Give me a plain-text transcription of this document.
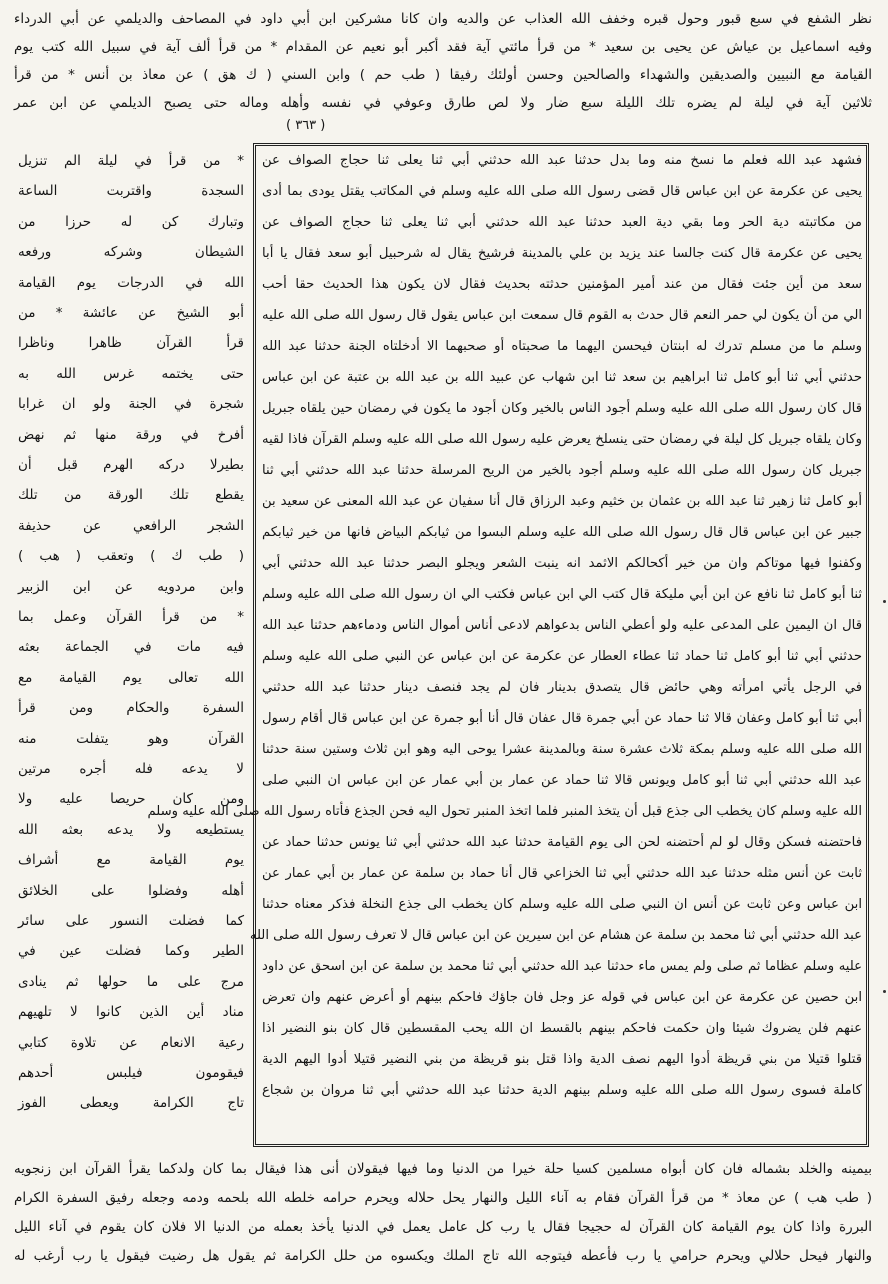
نظر الشفع في سبع قبور وحول قبره وخفف الله العذاب عن والديه وان كانا مشركين ابن أبي داود في المصاحف والديلمي عن أبي الدرداء
وفيه اسماعيل بن عياش عن يحيى بن سعيد * من قرأ مائتي آية فقد أكبر أبو نعيم عن المقدام * من قرأ ألف آية في سبيل الله كتب يوم
القيامة مع النبيين والصديقين والشهداء والصالحين وحسن أولئك رفيقا ( طب حم ) وابن السني ( ك هق ) عن معاذ بن أنس * من قرأ
ثلاثين آية في ليلة لم يضره تلك الليلة سبع ضار ولا لص طارق وعوفي في نفسه وأهله وماله حتى يصبح الديلمي عن ابن عمر
( ٣٦٣ )
فشهد عبد الله فعلم ما نسخ منه وما بدل حدثنا عبد الله حدثني أبي ثنا يعلى ثنا حجاج الصواف عن
يحيى عن عكرمة عن ابن عباس قال قضى رسول الله صلى الله عليه وسلم في المكاتب يقتل يودى بما أدى
من مكاتبته دية الحر وما بقي دية العبد حدثنا عبد الله حدثني أبي ثنا يعلى ثنا حجاج الصواف عن
يحيى عن عكرمة قال كنت جالسا عند يزيد بن علي بالمدينة فرشيخ يقال له شرحبيل أبو سعد فقال يا أبا
سعد من أين جئت فقال من عند أمير المؤمنين حدثته بحديث فقال لان يكون هذا الحديث حقا أحب
الي من أن يكون لي حمر النعم قال حدث به القوم قال سمعت ابن عباس يقول قال رسول الله صلى الله عليه
وسلم ما من مسلم تدرك له ابنتان فيحسن اليهما ما صحبتاه أو صحبهما الا أدخلتاه الجنة حدثنا عبد الله
حدثني أبي ثنا أبو كامل ثنا ابراهيم بن سعد ثنا ابن شهاب عن عبيد الله بن عبد الله بن عتبة عن ابن عباس
قال كان رسول الله صلى الله عليه وسلم أجود الناس بالخير وكان أجود ما يكون في رمضان حين يلقاه جبريل
وكان يلقاه جبريل كل ليلة في رمضان حتى ينسلخ يعرض عليه رسول الله صلى الله عليه وسلم القرآن فاذا لقيه
جبريل كان رسول الله صلى الله عليه وسلم أجود بالخير من الريح المرسلة حدثنا عبد الله حدثني أبي ثنا
أبو كامل ثنا زهير ثنا عبد الله بن عثمان بن خثيم وعبد الرزاق قال أنا سفيان عن عبد الله المعنى عن سعيد بن
جبير عن ابن عباس قال قال رسول الله صلى الله عليه وسلم البسوا من ثيابكم البياض فانها من خير ثيابكم
وكفنوا فيها موتاكم وان من خير أكحالكم الاثمد انه ينبت الشعر ويجلو البصر حدثنا عبد الله حدثني أبي
ثنا أبو كامل ثنا نافع عن ابن أبي مليكة قال كتب الي ابن عباس فكتب الي ان رسول الله صلى الله عليه وسلم
قال ان اليمين على المدعى عليه ولو أعطي الناس بدعواهم لادعى أناس أموال الناس ودماءهم حدثنا عبد الله
حدثني أبي ثنا أبو كامل ثنا حماد ثنا عطاء العطار عن عكرمة عن ابن عباس عن النبي صلى الله عليه وسلم
في الرجل يأتي امرأته وهي حائض قال يتصدق بدينار فان لم يجد فنصف دينار حدثنا عبد الله حدثني
أبي ثنا أبو كامل وعفان قالا ثنا حماد عن أبي جمرة قال عفان قال أنا أبو جمرة عن ابن عباس قال أقام رسول
الله صلى الله عليه وسلم بمكة ثلاث عشرة سنة وبالمدينة عشرا يوحى اليه وهو ابن ثلاث وستين سنة حدثنا
عبد الله حدثني أبي ثنا أبو كامل ويونس قالا ثنا حماد عن عمار بن أبي عمار عن ابن عباس ان النبي صلى
الله عليه وسلم كان يخطب الى جذع قبل أن يتخذ المنبر فلما اتخذ المنبر تحول اليه فحن الجذع فأتاه رسول الله صلى الله عليه وسلم
فاحتضنه فسكن وقال لو لم أحتضنه لحن الى يوم القيامة حدثنا عبد الله حدثني أبي ثنا يونس حدثنا حماد عن
ثابت عن أنس مثله حدثنا عبد الله حدثني أبي ثنا الخزاعي قال أنا حماد بن سلمة عن عمار بن أبي عمار عن
ابن عباس وعن ثابت عن أنس ان النبي صلى الله عليه وسلم كان يخطب الى جذع النخلة فذكر معناه حدثنا
عبد الله حدثني أبي ثنا محمد بن سلمة عن هشام عن ابن سيرين عن ابن عباس قال لا تعرف رسول الله صلى الله
عليه وسلم عظاما ثم صلى ولم يمس ماء حدثنا عبد الله حدثني أبي ثنا محمد بن سلمة عن ابن اسحق عن داود
ابن حصين عن عكرمة عن ابن عباس في قوله عز وجل فان جاؤك فاحكم بينهم أو أعرض عنهم وان تعرض
عنهم فلن يضروك شيئا وان حكمت فاحكم بينهم بالقسط ان الله يحب المقسطين قال كان بنو النضير اذا
قتلوا قتيلا من بني قريظة أدوا اليهم نصف الدية واذا قتل بنو قريظة من بني النضير قتيلا أدوا اليهم الدية
كاملة فسوى رسول الله صلى الله عليه وسلم بينهم الدية حدثنا عبد الله حدثني أبي ثنا مروان بن شجاع
* من قرأ في ليلة الم تنزيل
السجدة واقتربت الساعة
وتبارك كن له حرزا من
الشيطان وشركه ورفعه
الله في الدرجات يوم القيامة
أبو الشيخ عن عائشة * من
قرأ القرآن ظاهرا وناظرا
حتى يختمه غرس الله به
شجرة في الجنة ولو ان غرابا
أفرخ في ورقة منها ثم نهض
بطيرلا دركه الهرم قبل أن
يقطع تلك الورقة من تلك
الشجر الرافعي عن حذيفة
( طب ك ) وتعقب ( هب )
وابن مردويه عن ابن الزبير
* من قرأ القرآن وعمل بما
فيه مات في الجماعة بعثه
الله تعالى يوم القيامة مع
السفرة والحكام ومن قرأ
القرآن وهو يتفلت منه
لا يدعه فله أجره مرتين
ومن كان حريصا عليه ولا
يستطيعه ولا يدعه بعثه الله
يوم القيامة مع أشراف
أهله وفضلوا على الخلائق
كما فضلت النسور على سائر
الطير وكما فضلت عين في
مرج على ما حولها ثم ينادى
مناد أين الذين كانوا لا تلهيهم
رعية الانعام عن تلاوة كتابي
فيقومون فيلبس أحدهم
تاج الكرامة ويعطى الفوز
بيمينه والخلد بشماله فان كان أبواه مسلمين كسيا حلة خيرا من الدنيا وما فيها فيقولان أنى هذا فيقال بما كان ولدكما يقرأ القرآن ابن زنجويه
( طب هب ) عن معاذ * من قرأ القرآن فقام به آناء الليل والنهار يحل حلاله ويحرم حرامه خلطه الله بلحمه ودمه وجعله رفيق السفرة الكرام
البررة واذا كان يوم القيامة كان القرآن له حجيجا فقال يا رب كل عامل يعمل في الدنيا يأخذ بعمله من الدنيا الا فلان كان يقوم في آناء الليل
والنهار فيحل حلالي ويحرم حرامي يا رب فأعطه فيتوجه الله تاج الملك ويكسوه من حلل الكرامة ثم يقول هل رضيت فيقول يا رب أرغب له
